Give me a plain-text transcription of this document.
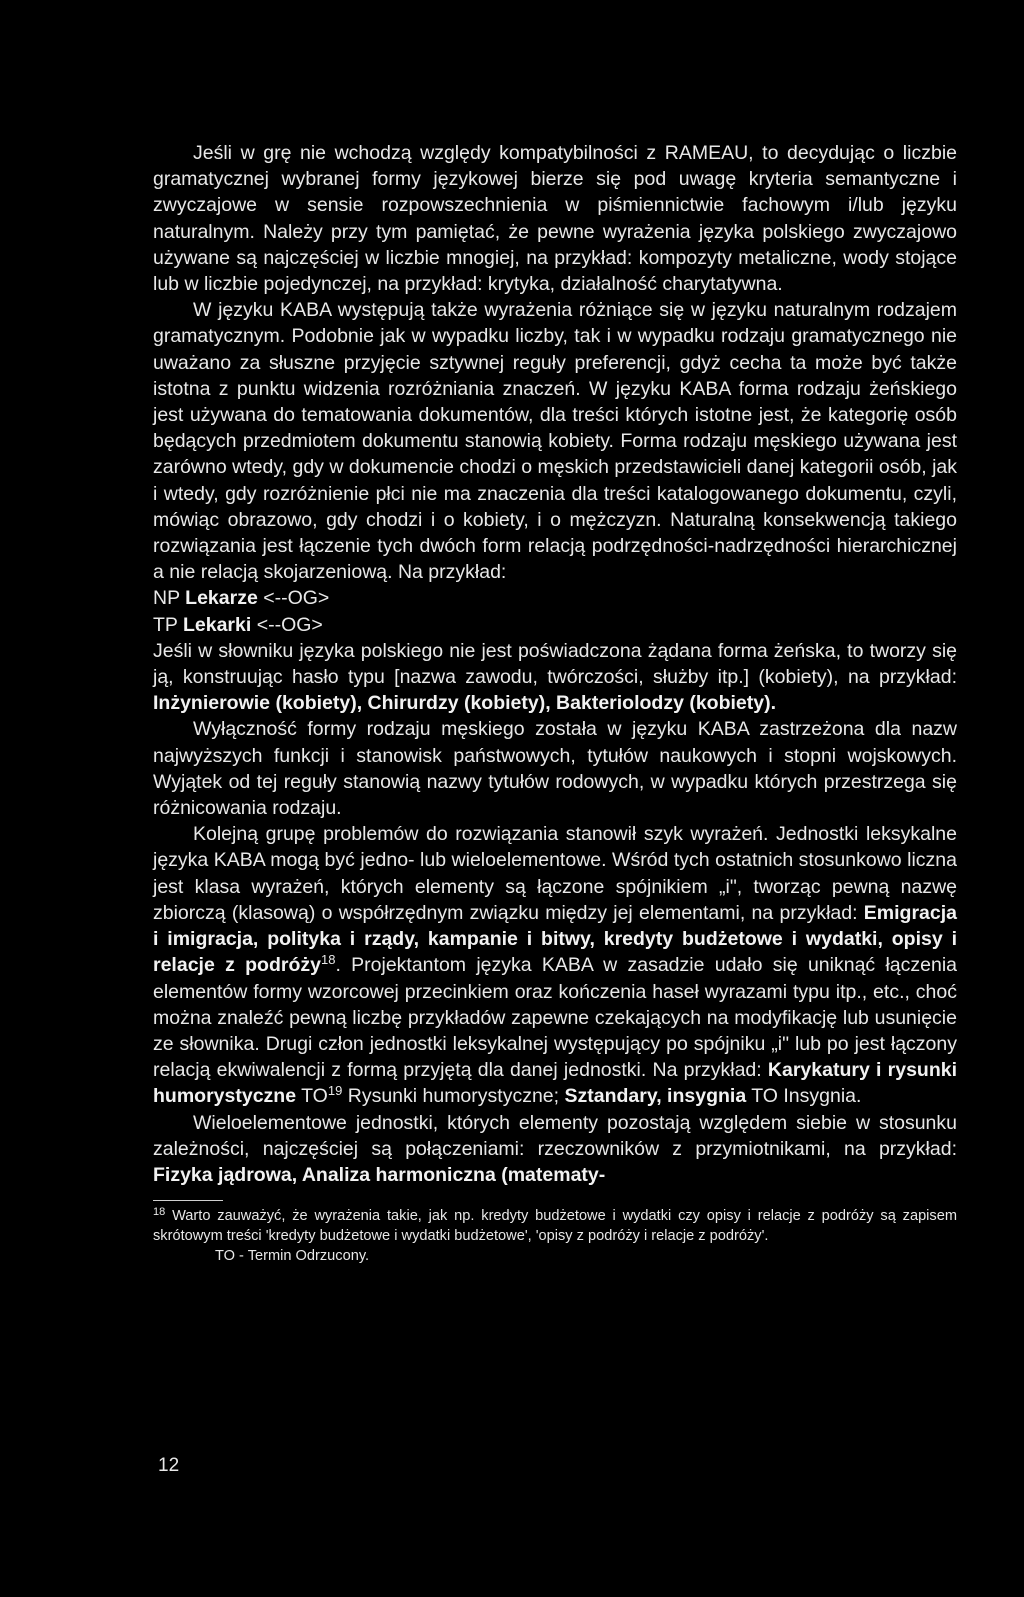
Jeśli w grę nie wchodzą względy kompatybilności z RAMEAU, to decydując o liczbie gramatycznej wybranej formy językowej bierze się pod uwagę kryteria semantyczne i zwyczajowe w sensie rozpowszechnienia w piśmiennictwie fachowym i/lub języku naturalnym. Należy przy tym pamiętać, że pewne wyrażenia języka polskiego zwyczajowo używane są najczęściej w liczbie mnogiej, na przykład: kompozyty metaliczne, wody stojące lub w liczbie pojedynczej, na przykład: krytyka, działalność charytatywna.

W języku KABA występują także wyrażenia różniące się w języku naturalnym rodzajem gramatycznym. Podobnie jak w wypadku liczby, tak i w wypadku rodzaju gramatycznego nie uważano za słuszne przyjęcie sztywnej reguły preferencji, gdyż cecha ta może być także istotna z punktu widzenia rozróżniania znaczeń. W języku KABA forma rodzaju żeńskiego jest używana do tematowania dokumentów, dla treści których istotne jest, że kategorię osób będących przedmiotem dokumentu stanowią kobiety. Forma rodzaju męskiego używana jest zarówno wtedy, gdy w dokumencie chodzi o męskich przedstawicieli danej kategorii osób, jak i wtedy, gdy rozróżnienie płci nie ma znaczenia dla treści katalogowanego dokumentu, czyli, mówiąc obrazowo, gdy chodzi i o kobiety, i o mężczyzn. Naturalną konsekwencją takiego rozwiązania jest łączenie tych dwóch form relacją podrzędności-nadrzędności hierarchicznej a nie relacją skojarzeniową. Na przykład:

NP Lekarze <--OG>

TP Lekarki <--OG>

Jeśli w słowniku języka polskiego nie jest poświadczona żądana forma żeńska, to tworzy się ją, konstruując hasło typu [nazwa zawodu, twórczości, służby itp.] (kobiety), na przykład: Inżynierowie (kobiety), Chirurdzy (kobiety), Bakteriolodzy (kobiety).

Wyłączność formy rodzaju męskiego została w języku KABA zastrzeżona dla nazw najwyższych funkcji i stanowisk państwowych, tytułów naukowych i stopni wojskowych. Wyjątek od tej reguły stanowią nazwy tytułów rodowych, w wypadku których przestrzega się różnicowania rodzaju.

Kolejną grupę problemów do rozwiązania stanowił szyk wyrażeń. Jednostki leksykalne języka KABA mogą być jedno- lub wieloelementowe. Wśród tych ostatnich stosunkowo liczna jest klasa wyrażeń, których elementy są łączone spójnikiem „i", tworząc pewną nazwę zbiorczą (klasową) o współrzędnym związku między jej elementami, na przykład: Emigracja i imigracja, polityka i rządy, kampanie i bitwy, kredyty budżetowe i wydatki, opisy i relacje z podróży$^{18}$. Projektantom języka KABA w zasadzie udało się uniknąć łączenia elementów formy wzorcowej przecinkiem oraz kończenia haseł wyrazami typu itp., etc., choć można znaleźć pewną liczbę przykładów zapewne czekających na modyfikację lub usunięcie ze słownika. Drugi człon jednostki leksykalnej występujący po spójniku „i" lub po jest łączony relacją ekwiwalencji z formą przyjętą dla danej jednostki. Na przykład: Karykatury i rysunki humorystyczne TO$^{19}$ Rysunki humorystyczne; Sztandary, insygnia TO Insygnia.

Wieloelementowe jednostki, których elementy pozostają względem siebie w stosunku zależności, najczęściej są połączeniami: rzeczowników z przymiotnikami, na przykład: Fizyka jądrowa, Analiza harmoniczna (matematy-

$^{18}$ Warto zauważyć, że wyrażenia takie, jak np. kredyty budżetowe i wydatki czy opisy i relacje z podróży są zapisem skrótowym treści 'kredyty budżetowe i wydatki budżetowe', 'opisy z podróży i relacje z podróży'.

TO - Termin Odrzucony.

12
